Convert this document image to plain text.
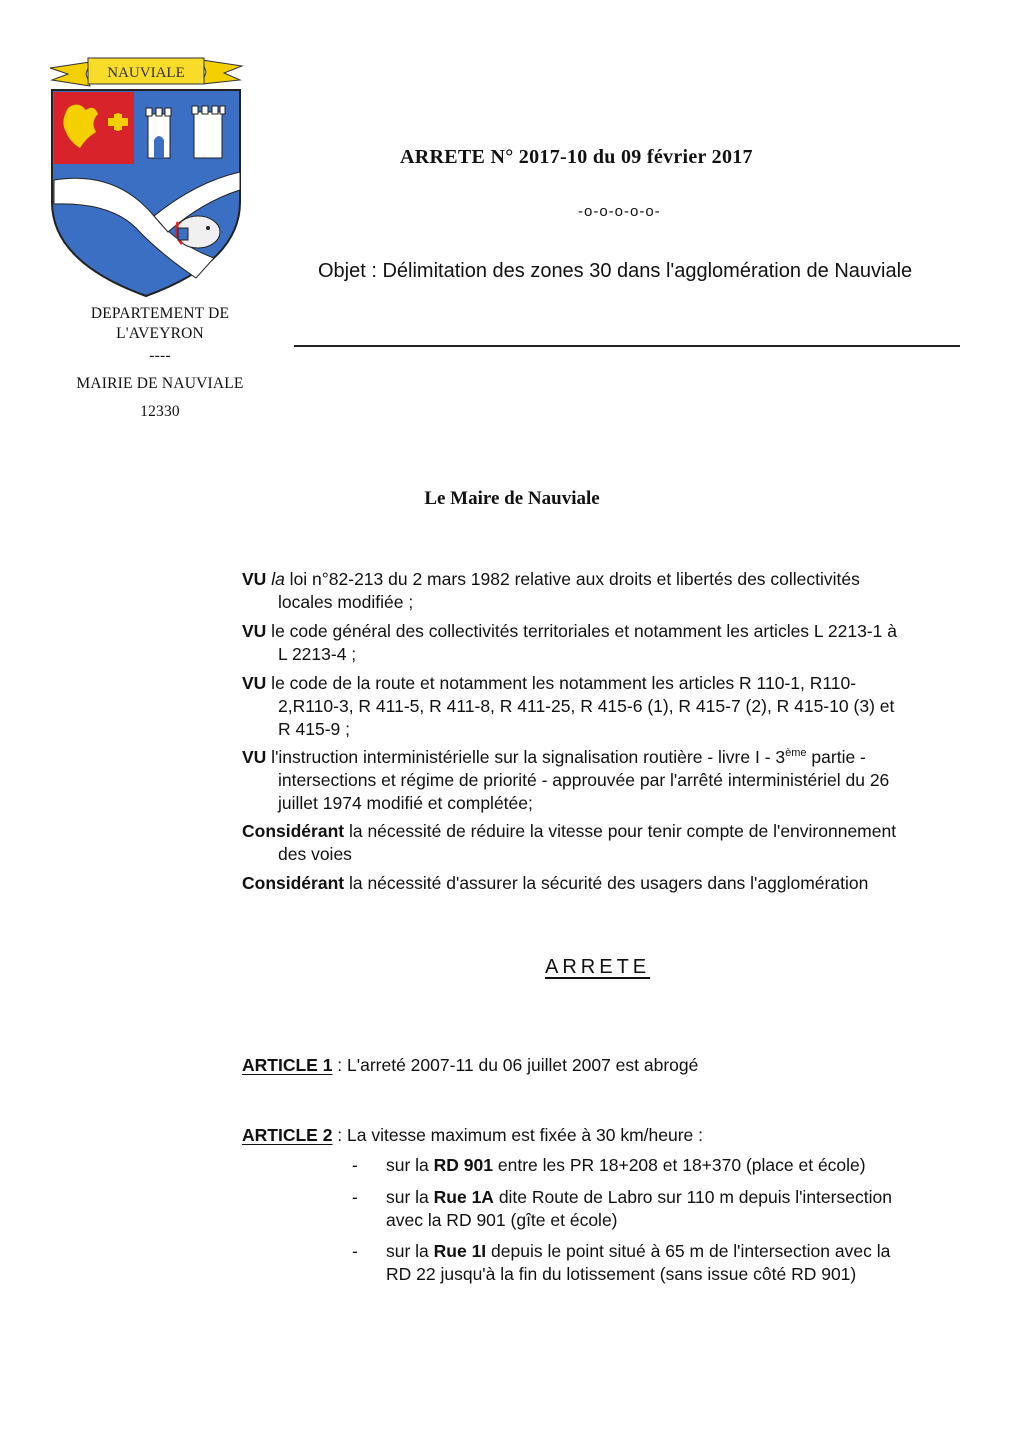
NAUVIALE
DEPARTEMENT DE
L'AVEYRON
----
MAIRIE DE NAUVIALE
12330
ARRETE N° 2017-10 du 09 février 2017
-o-o-o-o-o-
Objet : Délimitation des zones 30 dans l'agglomération de Nauviale
Le Maire de Nauviale
VU la loi n°82-213 du 2 mars 1982 relative aux droits et libertés des collectivités
locales modifiée ;
VU le code général des collectivités territoriales et notamment les articles L 2213-1 à
L 2213-4 ;
VU le code de la route et notamment les notamment les articles R 110-1, R110-
2,R110-3, R 411-5, R 411-8, R 411-25, R 415-6 (1), R 415-7 (2), R 415-10 (3) et
R 415-9 ;
VU l'instruction interministérielle sur la signalisation routière - livre I - 3ème partie -
intersections et régime de priorité - approuvée par l'arrêté interministériel du 26
juillet 1974 modifié et complétée;
Considérant la nécessité de réduire la vitesse pour tenir compte de l'environnement
des voies
Considérant la nécessité d'assurer la sécurité des usagers dans l'agglomération
ARRETE
ARTICLE 1 : L'arreté 2007-11 du 06 juillet 2007 est abrogé
ARTICLE 2 : La vitesse maximum est fixée à 30 km/heure :
- sur la RD 901 entre les PR 18+208 et 18+370 (place et école)
- sur la Rue 1A dite Route de Labro sur 110 m depuis l'intersection
avec la RD 901 (gîte et école)
- sur la Rue 1I depuis le point situé à 65 m de l'intersection avec la
RD 22 jusqu'à la fin du lotissement (sans issue côté RD 901)
